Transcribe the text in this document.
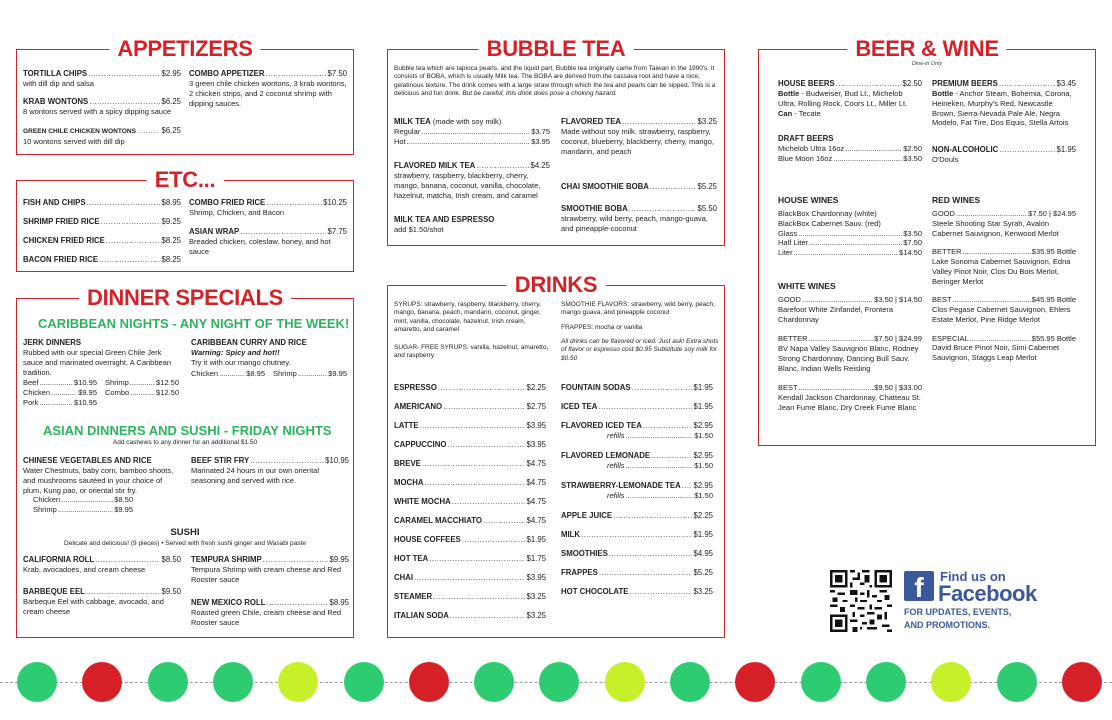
APPETIZERS
TORTILLA CHIPS .....	$2.95
with dill dip and salsa
KRAB WONTONS .....	$6.25
8 wontons served with a spicy dipping sauce
GREEN CHILE CHICKEN WONTONS .....	$6.25
10 wontons served with dill dip
COMBO APPETIZER .....	$7.50
3 green chile chicken wontons, 3 krab wontons, 2 chicken strips, and 2 coconut shrimp with dipping sauces.
ETC...
FISH AND CHIPS .....	$8.95
SHRIMP FRIED RICE .....	$9.25
CHICKEN FRIED RICE .....	$8.25
BACON FRIED RICE .....	$8.25
COMBO FRIED RICE .....	$10.25
Shrimp, Chicken, and Bacon
ASIAN WRAP .....	$7.75
Breaded chicken, coleslaw, honey, and hot sauce
DINNER SPECIALS
CARIBBEAN NIGHTS - ANY NIGHT OF THE WEEK!
JERK DINNERS
Rubbed with our special Green Chile Jerk sauce and marinated overnight. A Caribbean tradition.
Beef .....	$10.95
Chicken .....	$9.95
Pork .....	$10.95
Shrimp .....	$12.50
Combo .....	$12.50
CARIBBEAN CURRY AND RICE
Warning: Spicy and hot!!
Try it with our mango chutney.
Chicken .....	$8.95 Shrimp .....	$9.95
ASIAN DINNERS AND SUSHI - FRIDAY NIGHTS
Add cashews to any dinner for an additional $1.50
CHINESE VEGETABLES AND RICE
Water Chestnuts, baby corn, bamboo shoots, and mushrooms sautéed in your choice of plum, Kung pao, or oriental stir fry.
Chicken .....	$8.50
Shrimp .....	$9.95
BEEF STIR FRY .....	$10.95
Marinated 24 hours in our own oriental seasoning and served with rice.
SUSHI
Delicate and delicious! (9 pieces) • Served with fresh sushi ginger and Wasabi paste
CALIFORNIA ROLL .....	$8.50
Krab, avocadoes, and cream cheese
BARBEQUE EEL .....	$9.50
Barbeque Eel with cabbage, avocado, and cream cheese
TEMPURA SHRIMP .....	$9.95
Tempura Shrimp with cream cheese and Red Rooster sauce
NEW MEXICO ROLL .....	$8.95
Roasted green Chile, cream cheese and Red Rooster sauce
BUBBLE TEA
Bubble tea which are tapioca pearls, and the liquid part, Bubble tea originally came from Taiwan in the 1990's. It consists of BOBA, which is usually Milk tea. The BOBA are derived from the cassava root and have a nice, gelatinous texture. The drink comes with a large straw through which the tea and pearls can be sipped. This is a delicious and fun drink. But be careful, this drink does pose a choking hazard.
MILK TEA (made with soy milk)
Regular .....	$3.75
Hot .....	$3.95
FLAVORED MILK TEA .....	$4.25
strawberry, raspberry, blackberry, cherry, mango, banana, coconut, vanilla, chocolate, hazelnut, matcha, Irish cream, and caramel
MILK TEA AND ESPRESSO
add $1.50/shot
FLAVORED TEA .....	$3.25
Made without soy milk. strawberry, raspberry, coconut, blueberry, blackberry, cherry, mango, mandarin, and peach
CHAI SMOOTHIE BOBA .....	$5.25
SMOOTHIE BOBA .....	$5.50
strawberry, wild berry, peach, mango-guava, and pineapple-coconut
DRINKS
SYRUPS: strawberry, raspberry, blackberry, cherry, mango, banana, peach, mandarin, coconut, ginger, mint, vanilla, chocolate, hazelnut, Irish cream, amaretto, and caramel
SUGAR- FREE SYRUPS: vanilla, hazelnut, amaretto, and raspberry
SMOOTHIE FLAVORS: strawberry, wild berry, peach, mango guava, and pineapple coconut
FRAPPES: mocha or vanilla
All drinks can be flavored or iced. Just ask! Extra shots of flavor or espresso cost $0.95 Substitute soy milk for $0.50
ESPRESSO .....	$2.25
AMERICANO .....	$2.75
LATTE .....	$3.95
CAPPUCCINO .....	$3.95
BREVE .....	$4.75
MOCHA .....	$4.75
WHITE MOCHA .....	$4.75
CARAMEL MACCHIATO .....	$4.75
HOUSE COFFEES .....	$1.95
HOT TEA .....	$1.75
CHAI .....	$3.95
STEAMER .....	$3.25
ITALIAN SODA .....	$3.25
FOUNTAIN SODAS .....	$1.95
ICED TEA .....	$1.95
FLAVORED ICED TEA .....	$2.95
refills .....	$1.50
FLAVORED LEMONADE .....	$2.95
refills .....	$1.50
STRAWBERRY-LEMONADE TEA ..... $2.95
refills .....	$1.50
APPLE JUICE .....	$2.25
MILK .....	$1.95
SMOOTHIES .....	$4.95
FRAPPES .....	$5.25
HOT CHOCOLATE .....	$3.25
BEER & WINE
Dine-in Only
HOUSE BEERS .....	$2.50
Bottle - Budweiser, Bud Lt., Michelob Ultra, Rolling Rock, Coors Lt., Miller Lt.
Can - Tecate
DRAFT BEERS
Michelob Ultra 16oz .....	$2.50
Blue Moon 16oz .....	$3.50
PREMIUM BEERS .....	$3.45
Bottle - Anchor Steam, Bohemia, Corona, Heineken, Murphy's Red, Newcastle Brown, Sierra-Nevada Pale Ale, Negra Modelo, Fat Tire, Dos Equis, Stella Artois
NON-ALCOHOLIC .....	$1.95
O'Douls
HOUSE WINES
BlackBox Chardonnay (white)
BlackBox Cabernet Sauv. (red)
Glass .....	$3.50
Half Liter .....	$7.50
Liter .....	$14.50
WHITE WINES
GOOD .....	$3.50 | $14.50
Barefoot White Zinfandel, Frontera Chardonnay
BETTER .....	$7.50 | $24.99
BV Napa Valley Sauvignon Blanc, Rodney Strong Chardonnay, Dancing Bull Sauv. Blanc, Indian Wells Reisling
BEST .....	$9.50 | $33.00
Kendall Jackson Chardonnay, Chatteau St. Jean Fume Blanc, Dry Creek Fume Blanc
RED WINES
GOOD .....	$7.50 | $24.95
Steele Shooting Star Syrah, Avalon Cabernet Sauvignon, Kenwood Merlot
BETTER .....	$35.95 Bottle
Lake Sonoma Cabernet Sauvignon, Edna Valley Pinot Noir, Clos Du Bois Merlot, Beringer Merlot
BEST .....	$45.95 Bottle
Clos Pegase Cabernet Sauvignon, Ehlers Estate Merlot, Pine Ridge Merlot
ESPECIAL .....	$55.95 Bottle
David Bruce Pinot Noir, Simi Cabernet Sauvignon, Staggs Leap Merlot
f	Find us on
Facebook
FOR UPDATES, EVENTS,
AND PROMOTIONS.
